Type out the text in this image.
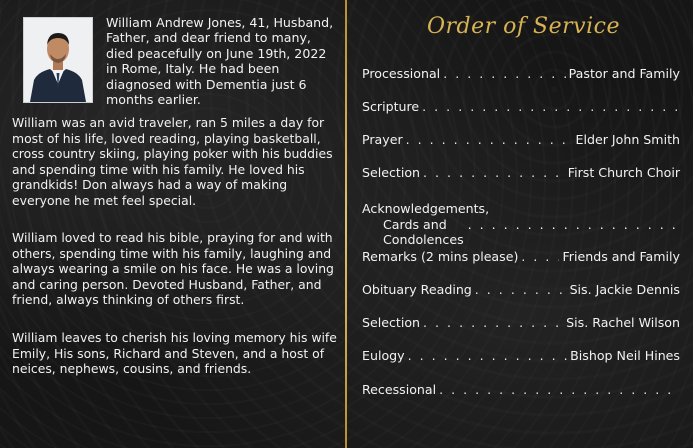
William Andrew Jones, 41, Husband, Father, and dear friend to many, died peacefully on June 19th, 2022 in Rome, Italy. He had been diagnosed with Dementia just 6 months earlier.

William was an avid traveler, ran 5 miles a day for most of his life, loved reading, playing basketball, cross country skiing, playing poker with his buddies and spending time with his family. He loved his grandkids! Don always had a way of making everyone he met feel special.

William loved to read his bible, praying for and with others, spending time with his family, laughing and always wearing a smile on his face. He was a loving and caring person. Devoted Husband, Father, and friend, always thinking of others first.

William leaves to cherish his loving memory his wife Emily, His sons, Richard and Steven, and a host of neices, nephews, cousins, and friends.

Order of Service
Processional . . .	Pastor and Family
Scripture
. . .
Prayer . . .	Elder John Smith
Selection . . .	First Church Choir
Acknowledgements,
Cards and Condolences
. . .
Remarks (2 mins please) . . .	Friends and Family
Obituary Reading . . .	Sis. Jackie Dennis
Selection . . .	Sis. Rachel Wilson
Eulogy . . .	Bishop Neil Hines
Recessional
. . .
